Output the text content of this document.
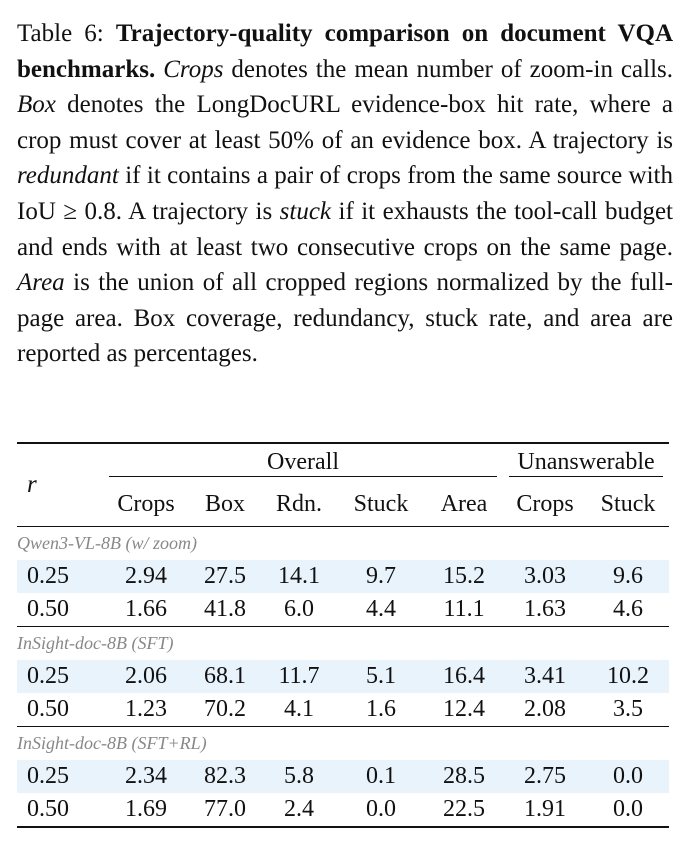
Table 6: Trajectory-quality comparison on document VQA benchmarks. Crops denotes the mean number of zoom-in calls. Box denotes the LongDocURL evidence-box hit rate, where a crop must cover at least 50% of an evidence box. A trajectory is redundant if it contains a pair of crops from the same source with IoU ≥ 0.8. A trajectory is stuck if it exhausts the tool-call budget and ends with at least two consecutive crops on the same page. Area is the union of all cropped regions normalized by the full-page area. Box coverage, redundancy, stuck rate, and area are reported as percentages.
r	Overall					Unanswerable	

	Crops	Box	Rdn.	Stuck	Area	Crops	Stuck
Qwen3-VL-8B (w/ zoom)							
0.25	2.94	27.5	14.1	9.7	15.2	3.03	9.6
0.50	1.66	41.8	6.0	4.4	11.1	1.63	4.6
InSight-doc-8B (SFT)							
0.25	2.06	68.1	11.7	5.1	16.4	3.41	10.2
0.50	1.23	70.2	4.1	1.6	12.4	2.08	3.5
InSight-doc-8B (SFT+RL)							
0.25	2.34	82.3	5.8	0.1	28.5	2.75	0.0
0.50	1.69	77.0	2.4	0.0	22.5	1.91	0.0
